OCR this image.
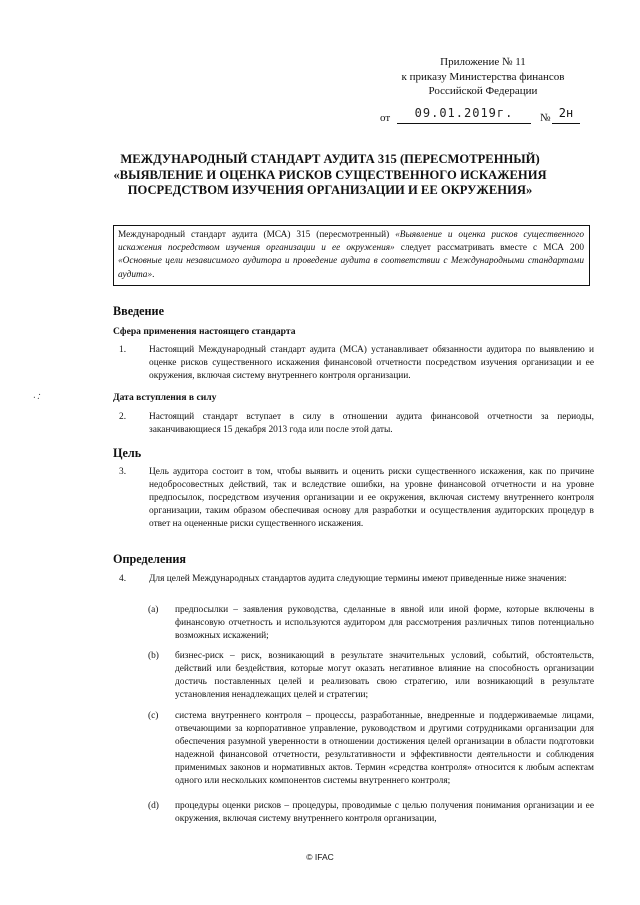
Приложение № 11
к приказу Министерства финансов
Российской Федерации
от	09.01.2019г.	№ 2н
·.·
МЕЖДУНАРОДНЫЙ СТАНДАРТ АУДИТА 315 (ПЕРЕСМОТРЕННЫЙ)
«ВЫЯВЛЕНИЕ И ОЦЕНКА РИСКОВ СУЩЕСТВЕННОГО ИСКАЖЕНИЯ
ПОСРЕДСТВОМ ИЗУЧЕНИЯ ОРГАНИЗАЦИИ И ЕЕ ОКРУЖЕНИЯ»
Международный стандарт аудита (МСА) 315 (пересмотренный) «Выявление и оценка рисков существенного искажения посредством изучения организации и ее окружения» следует рассматривать вместе с МСА 200 «Основные цели независимого аудитора и проведение аудита в соответствии с Международными стандартами аудита».
Введение
Сфера применения настоящего стандарта
1. Настоящий Международный стандарт аудита (МСА) устанавливает обязанности аудитора по выявлению и оценке рисков существенного искажения финансовой отчетности посредством изучения организации и ее окружения, включая систему внутреннего контроля организации.
Дата вступления в силу
2. Настоящий стандарт вступает в силу в отношении аудита финансовой отчетности за периоды, заканчивающиеся 15 декабря 2013 года или после этой даты.
Цель
3. Цель аудитора состоит в том, чтобы выявить и оценить риски существенного искажения, как по причине недобросовестных действий, так и вследствие ошибки, на уровне финансовой отчетности и на уровне предпосылок, посредством изучения организации и ее окружения, включая систему внутреннего контроля организации, таким образом обеспечивая основу для разработки и осуществления аудиторских процедур в ответ на оцененные риски существенного искажения.
Определения
4. Для целей Международных стандартов аудита следующие термины имеют приведенные ниже значения:
(a) предпосылки – заявления руководства, сделанные в явной или иной форме, которые включены в финансовую отчетность и используются аудитором для рассмотрения различных типов потенциально возможных искажений;
(b) бизнес-риск – риск, возникающий в результате значительных условий, событий, обстоятельств, действий или бездействия, которые могут оказать негативное влияние на способность организации достичь поставленных целей и реализовать свою стратегию, или возникающий в результате установления ненадлежащих целей и стратегии;
(c) система внутреннего контроля – процессы, разработанные, внедренные и поддерживаемые лицами, отвечающими за корпоративное управление, руководством и другими сотрудниками организации для обеспечения разумной уверенности в отношении достижения целей организации в области подготовки надежной финансовой отчетности, результативности и эффективности деятельности и соблюдения применимых законов и нормативных актов. Термин «средства контроля» относится к любым аспектам одного или нескольких компонентов системы внутреннего контроля;
(d) процедуры оценки рисков – процедуры, проводимые с целью получения понимания организации и ее окружения, включая систему внутреннего контроля организации,
© IFAC
